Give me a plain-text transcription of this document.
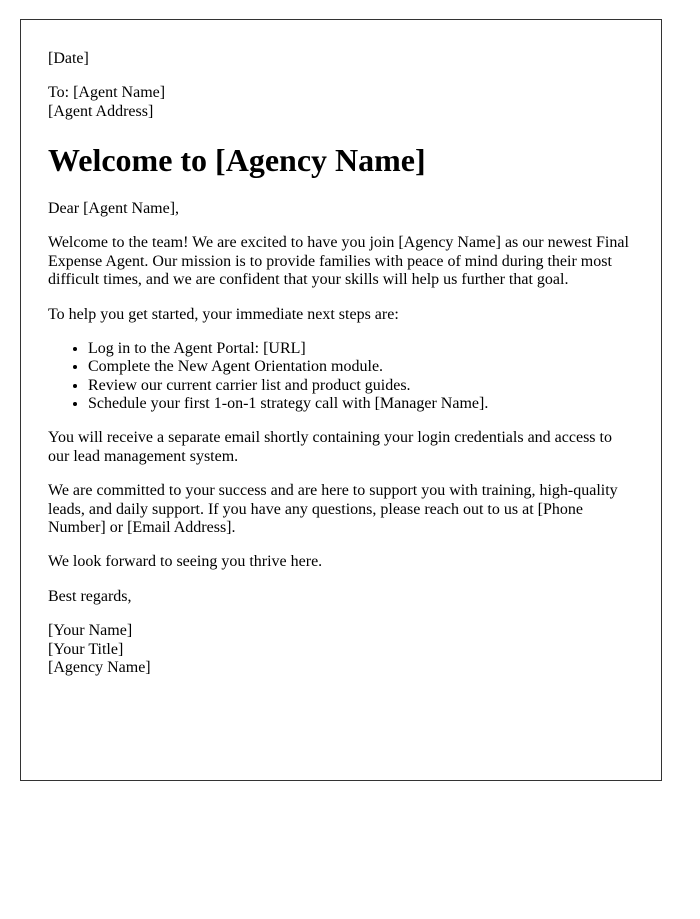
[Date]

To: [Agent Name]
[Agent Address]

Welcome to [Agency Name]

Dear [Agent Name],

Welcome to the team! We are excited to have you join [Agency Name] as our newest Final Expense Agent. Our mission is to provide families with peace of mind during their most difficult times, and we are confident that your skills will help us further that goal.

To help you get started, your immediate next steps are:

• Log in to the Agent Portal: [URL]
• Complete the New Agent Orientation module.
• Review our current carrier list and product guides.
• Schedule your first 1-on-1 strategy call with [Manager Name].

You will receive a separate email shortly containing your login credentials and access to our lead management system.

We are committed to your success and are here to support you with training, high-quality leads, and daily support. If you have any questions, please reach out to us at [Phone Number] or [Email Address].

We look forward to seeing you thrive here.

Best regards,

[Your Name]
[Your Title]
[Agency Name]
